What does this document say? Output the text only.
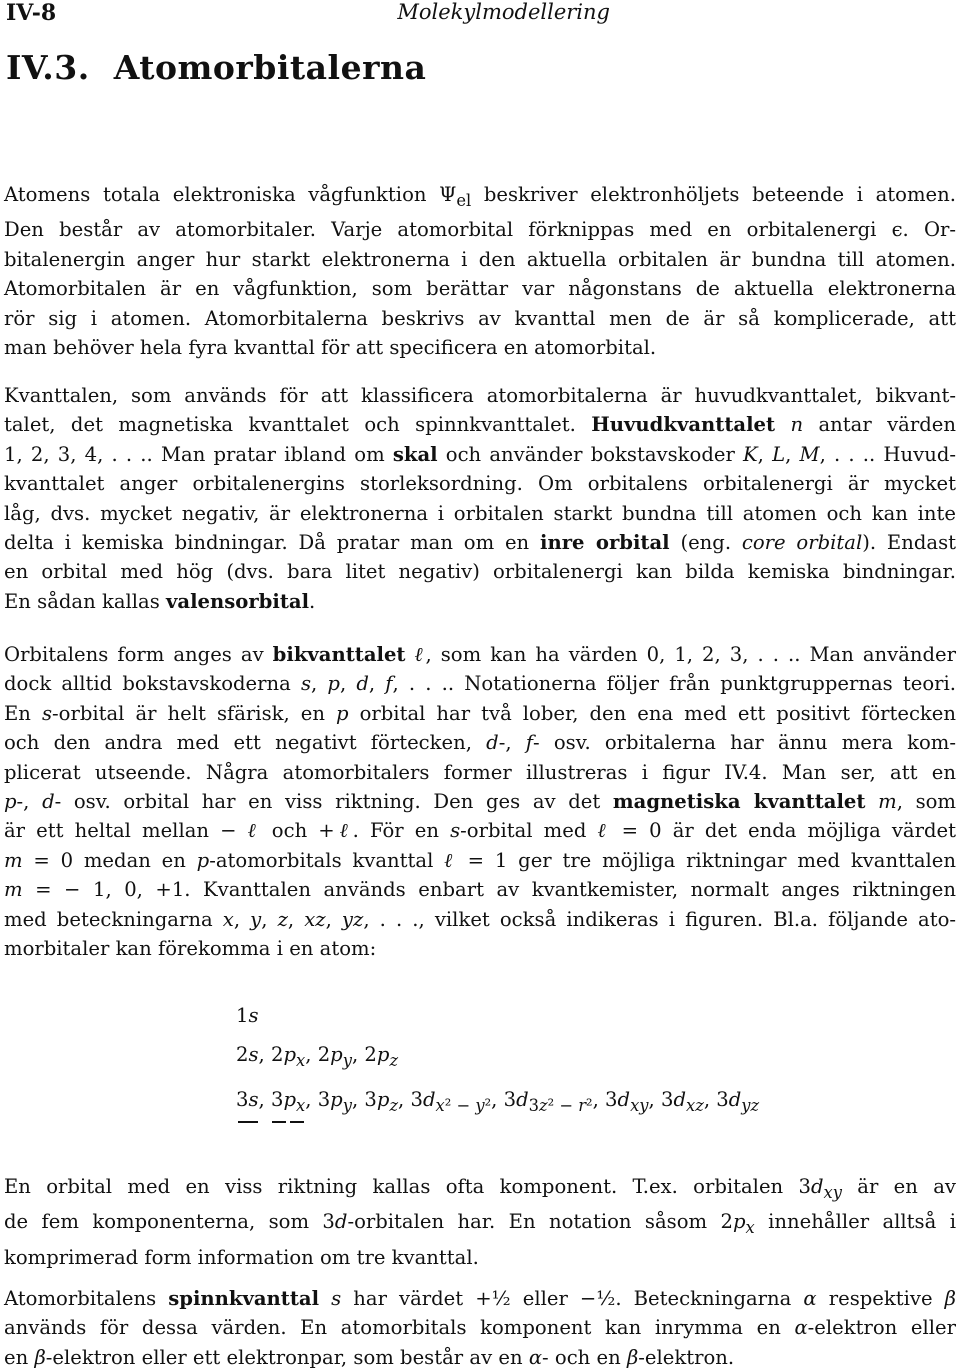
IV-8	Molekylmodellering
IV.3. Atomorbitalerna
Atomens totala elektroniska vågfunktion $\Psi_{el}$ beskriver elektronhöljets beteende i atomen.
Den består av atomorbitaler. Varje atomorbital förknippas med en orbitalenergi ϵ. Or-
bitalenergin anger hur starkt elektronerna i den aktuella orbitalen är bundna till atomen.
Atomorbitalen är en vågfunktion, som berättar var någonstans de aktuella elektronerna
rör sig i atomen. Atomorbitalerna beskrivs av kvanttal men de är så komplicerade, att
man behöver hela fyra kvanttal för att specificera en atomorbital.
Kvanttalen, som används för att klassificera atomorbitalerna är huvudkvanttalet, bikvant-
talet, det magnetiska kvanttalet och spinnkvanttalet. Huvudkvanttalet n antar värden
1, 2, 3, 4, . . .. Man pratar ibland om skal och använder bokstavskoder K, L, M, . . .. Huvud-
kvanttalet anger orbitalenergins storleksordning. Om orbitalens orbitalenergi är mycket
låg, dvs. mycket negativ, är elektronerna i orbitalen starkt bundna till atomen och kan inte
delta i kemiska bindningar. Då pratar man om en inre orbital (eng. core orbital). Endast
en orbital med hög (dvs. bara litet negativ) orbitalenergi kan bilda kemiska bindningar.
En sådan kallas valensorbital.
Orbitalens form anges av bikvanttalet ℓ, som kan ha värden 0, 1, 2, 3, . . .. Man använder
dock alltid bokstavskoderna s, p, d, f, . . .. Notationerna följer från punktgruppernas teori.
En s-orbital är helt sfärisk, en p orbital har två lober, den ena med ett positivt förtecken
och den andra med ett negativt förtecken, d-, f- osv. orbitalerna har ännu mera kom-
plicerat utseende. Några atomorbitalers former illustreras i figur IV.4. Man ser, att en
p-, d- osv. orbital har en viss riktning. Den ges av det magnetiska kvanttalet m, som
är ett heltal mellan − ℓ och +ℓ. För en s-orbital med ℓ = 0 är det enda möjliga värdet
m = 0 medan en p-atomorbitals kvanttal ℓ = 1 ger tre möjliga riktningar med kvanttalen
m = − 1, 0, +1. Kvanttalen används enbart av kvantkemister, normalt anges riktningen
med beteckningarna x, y, z, xz, yz, . . ., vilket också indikeras i figuren. Bl.a. följande ato-
morbitaler kan förekomma i en atom:
1s
2s, $2p_x$, $2p_y$, $2p_z$
3s, $3p_x$, $3p_y$, $3p_z$, $3d_{x^2 - y^2}$, $3d_{3z^2 - r^2}$, $3d_{xy}$, $3d_{xz}$, $3d_{yz}$
En orbital med en viss riktning kallas ofta komponent. T.ex. orbitalen $3d_{xy}$ är en av
de fem komponenterna, som 3d-orbitalen har. En notation såsom $2p_x$ innehåller alltså i
komprimerad form information om tre kvanttal.
Atomorbitalens spinnkvanttal s har värdet +½ eller −½. Beteckningarna α respektive β
används för dessa värden. En atomorbitals komponent kan inrymma en α-elektron eller
en β-elektron eller ett elektronpar, som består av en α- och en β-elektron.
